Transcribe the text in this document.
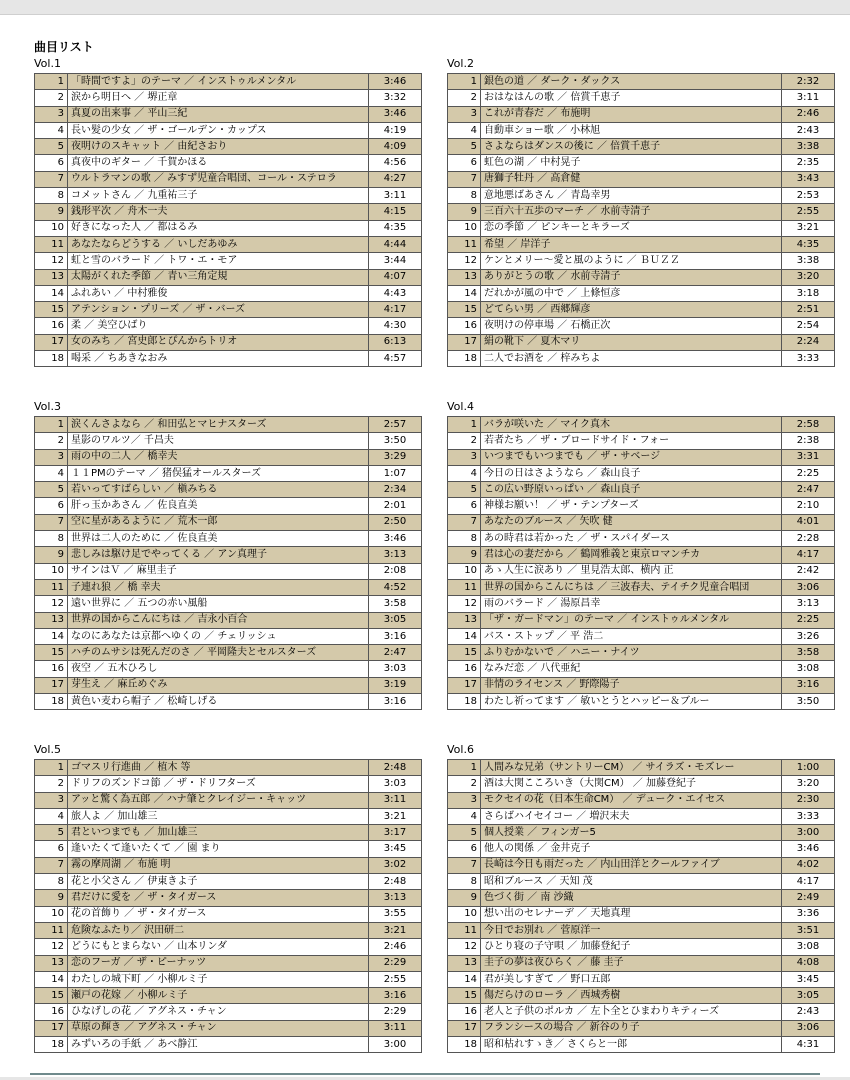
曲目リスト
Vol.1
1	「時間ですよ」のテーマ ／ インストゥルメンタル	3:46
2	涙から明日へ ／ 堺正章	3:32
3	真夏の出来事 ／ 平山三紀	3:46
4	長い髪の少女 ／ ザ・ゴールデン・カップス	4:19
5	夜明けのスキャット ／ 由紀さおり	4:09
6	真夜中のギター ／ 千賀かほる	4:56
7	ウルトラマンの歌 ／ みすず児童合唱団、コール・ステロラ	4:27
8	コメットさん ／ 九重祐三子	3:11
9	銭形平次 ／ 舟木一夫	4:15
10	好きになった人 ／ 都はるみ	4:35
11	あなたならどうする ／ いしだあゆみ	4:44
12	虹と雪のバラード ／ トワ・エ・モア	3:44
13	太陽がくれた季節 ／ 青い三角定規	4:07
14	ふれあい ／ 中村雅俊	4:43
15	アテンション・プリーズ ／ ザ・バーズ	4:17
16	柔 ／ 美空ひばり	4:30
17	女のみち ／ 宮史郎とぴんからトリオ	6:13
18	喝采 ／ ちあきなおみ	4:57
Vol.2
1	銀色の道 ／ ダーク・ダックス	2:32
2	おはなはんの歌 ／ 倍賞千恵子	3:11
3	これが青春だ ／ 布施明	2:46
4	自動車ショー歌 ／ 小林旭	2:43
5	さよならはダンスの後に ／ 倍賞千恵子	3:38
6	虹色の湖 ／ 中村晃子	2:35
7	唐獅子牡丹 ／ 高倉健	3:43
8	意地悪ばあさん ／ 青島幸男	2:53
9	三百六十五歩のマーチ ／ 水前寺清子	2:55
10	恋の季節 ／ ピンキーとキラーズ	3:21
11	希望 ／ 岸洋子	4:35
12	ケンとメリー～愛と風のように ／ ＢＵＺＺ	3:38
13	ありがとうの歌 ／ 水前寺清子	3:20
14	だれかが風の中で ／ 上條恒彦	3:18
15	どてらい男 ／ 西郷輝彦	2:51
16	夜明けの停車場 ／ 石橋正次	2:54
17	絹の靴下 ／ 夏木マリ	2:24
18	二人でお酒を ／ 梓みちよ	3:33
Vol.3
1	涙くんさよなら ／ 和田弘とマヒナスターズ	2:57
2	星影のワルツ／ 千昌夫	3:50
3	雨の中の二人 ／ 橋幸夫	3:29
4	１１PMのテーマ ／ 猪俣猛オールスターズ	1:07
5	若いってすばらしい ／ 槇みちる	2:34
6	肝っ玉かあさん ／ 佐良直美	2:01
7	空に星があるように ／ 荒木一郎	2:50
8	世界は二人のために ／ 佐良直美	3:46
9	悲しみは駆け足でやってくる ／ アン真理子	3:13
10	サインはＶ ／ 麻里圭子	2:08
11	子連れ狼 ／ 橋 幸夫	4:52
12	遠い世界に ／ 五つの赤い風船	3:58
13	世界の国からこんにちは ／ 吉永小百合	3:05
14	なのにあなたは京都へゆくの ／ チェリッシュ	3:16
15	ハチのムサシは死んだのさ ／ 平岡隆夫とセルスターズ	2:47
16	夜空 ／ 五木ひろし	3:03
17	芽生え ／ 麻丘めぐみ	3:19
18	黄色い麦わら帽子 ／ 松崎しげる	3:16
Vol.4
1	バラが咲いた ／ マイク真木	2:58
2	若者たち ／ ザ・ブロードサイド・フォー	2:38
3	いつまでもいつまでも ／ ザ・サベージ	3:31
4	今日の日はさようなら ／ 森山良子	2:25
5	この広い野原いっぱい ／ 森山良子	2:47
6	神様お願い！ ／ ザ・テンプターズ	2:10
7	あなたのブルース ／ 矢吹 健	4:01
8	あの時君は若かった ／ ザ・スパイダース	2:28
9	君は心の妻だから ／ 鶴岡雅義と東京ロマンチカ	4:17
10	あゝ人生に涙あり ／ 里見浩太郎、横内 正	2:42
11	世界の国からこんにちは ／ 三波春夫、テイチク児童合唱団	3:06
12	雨のバラード ／ 湯原昌幸	3:13
13	「ザ・ガードマン」のテーマ ／ インストゥルメンタル	2:25
14	バス・ストップ ／ 平 浩二	3:26
15	ふりむかないで ／ ハニー・ナイツ	3:58
16	なみだ恋 ／ 八代亜紀	3:08
17	非情のライセンス ／ 野際陽子	3:16
18	わたし祈ってます ／ 敏いとうとハッピー＆ブルー	3:50
Vol.5
1	ゴマスリ行進曲 ／ 植木 等	2:48
2	ドリフのズンドコ節 ／ ザ・ドリフターズ	3:03
3	アッと驚く為五郎 ／ ハナ肇とクレイジー・キャッツ	3:11
4	旅人よ ／ 加山雄三	3:21
5	君といつまでも ／ 加山雄三	3:17
6	逢いたくて逢いたくて ／ 園 まり	3:45
7	霧の摩周湖 ／ 布施 明	3:02
8	花と小父さん ／ 伊東きよ子	2:48
9	君だけに愛を ／ ザ・タイガース	3:13
10	花の首飾り ／ ザ・タイガース	3:55
11	危険なふたり／ 沢田研二	3:21
12	どうにもとまらない ／ 山本リンダ	2:46
13	恋のフーガ ／ ザ・ピーナッツ	2:29
14	わたしの城下町 ／ 小柳ルミ子	2:55
15	瀬戸の花嫁 ／ 小柳ルミ子	3:16
16	ひなげしの花 ／ アグネス・チャン	2:29
17	草原の輝き ／ アグネス・チャン	3:11
18	みずいろの手紙 ／ あべ静江	3:00
Vol.6
1	人間みな兄弟（サントリーCM） ／ サイラズ・モズレー	1:00
2	酒は大関こころいき（大関CM） ／ 加藤登紀子	3:20
3	モクセイの花（日本生命CM） ／ デューク・エイセス	2:30
4	さらばハイセイコー ／ 増沢末夫	3:33
5	個人授業 ／ フィンガー5	3:00
6	他人の関係 ／ 金井克子	3:46
7	長崎は今日も雨だった ／ 内山田洋とクールファイブ	4:02
8	昭和ブルース ／ 天知 茂	4:17
9	色づく街 ／ 南 沙織	2:49
10	想い出のセレナーデ ／ 天地真理	3:36
11	今日でお別れ ／ 菅原洋一	3:51
12	ひとり寝の子守唄 ／ 加藤登紀子	3:08
13	圭子の夢は夜ひらく ／ 藤 圭子	4:08
14	君が美しすぎて ／ 野口五郎	3:45
15	傷だらけのローラ ／ 西城秀樹	3:05
16	老人と子供のポルカ ／ 左卜全とひまわりキティーズ	2:43
17	フランシースの場合 ／ 新谷のり子	3:06
18	昭和枯れすゝき／ さくらと一郎	4:31
